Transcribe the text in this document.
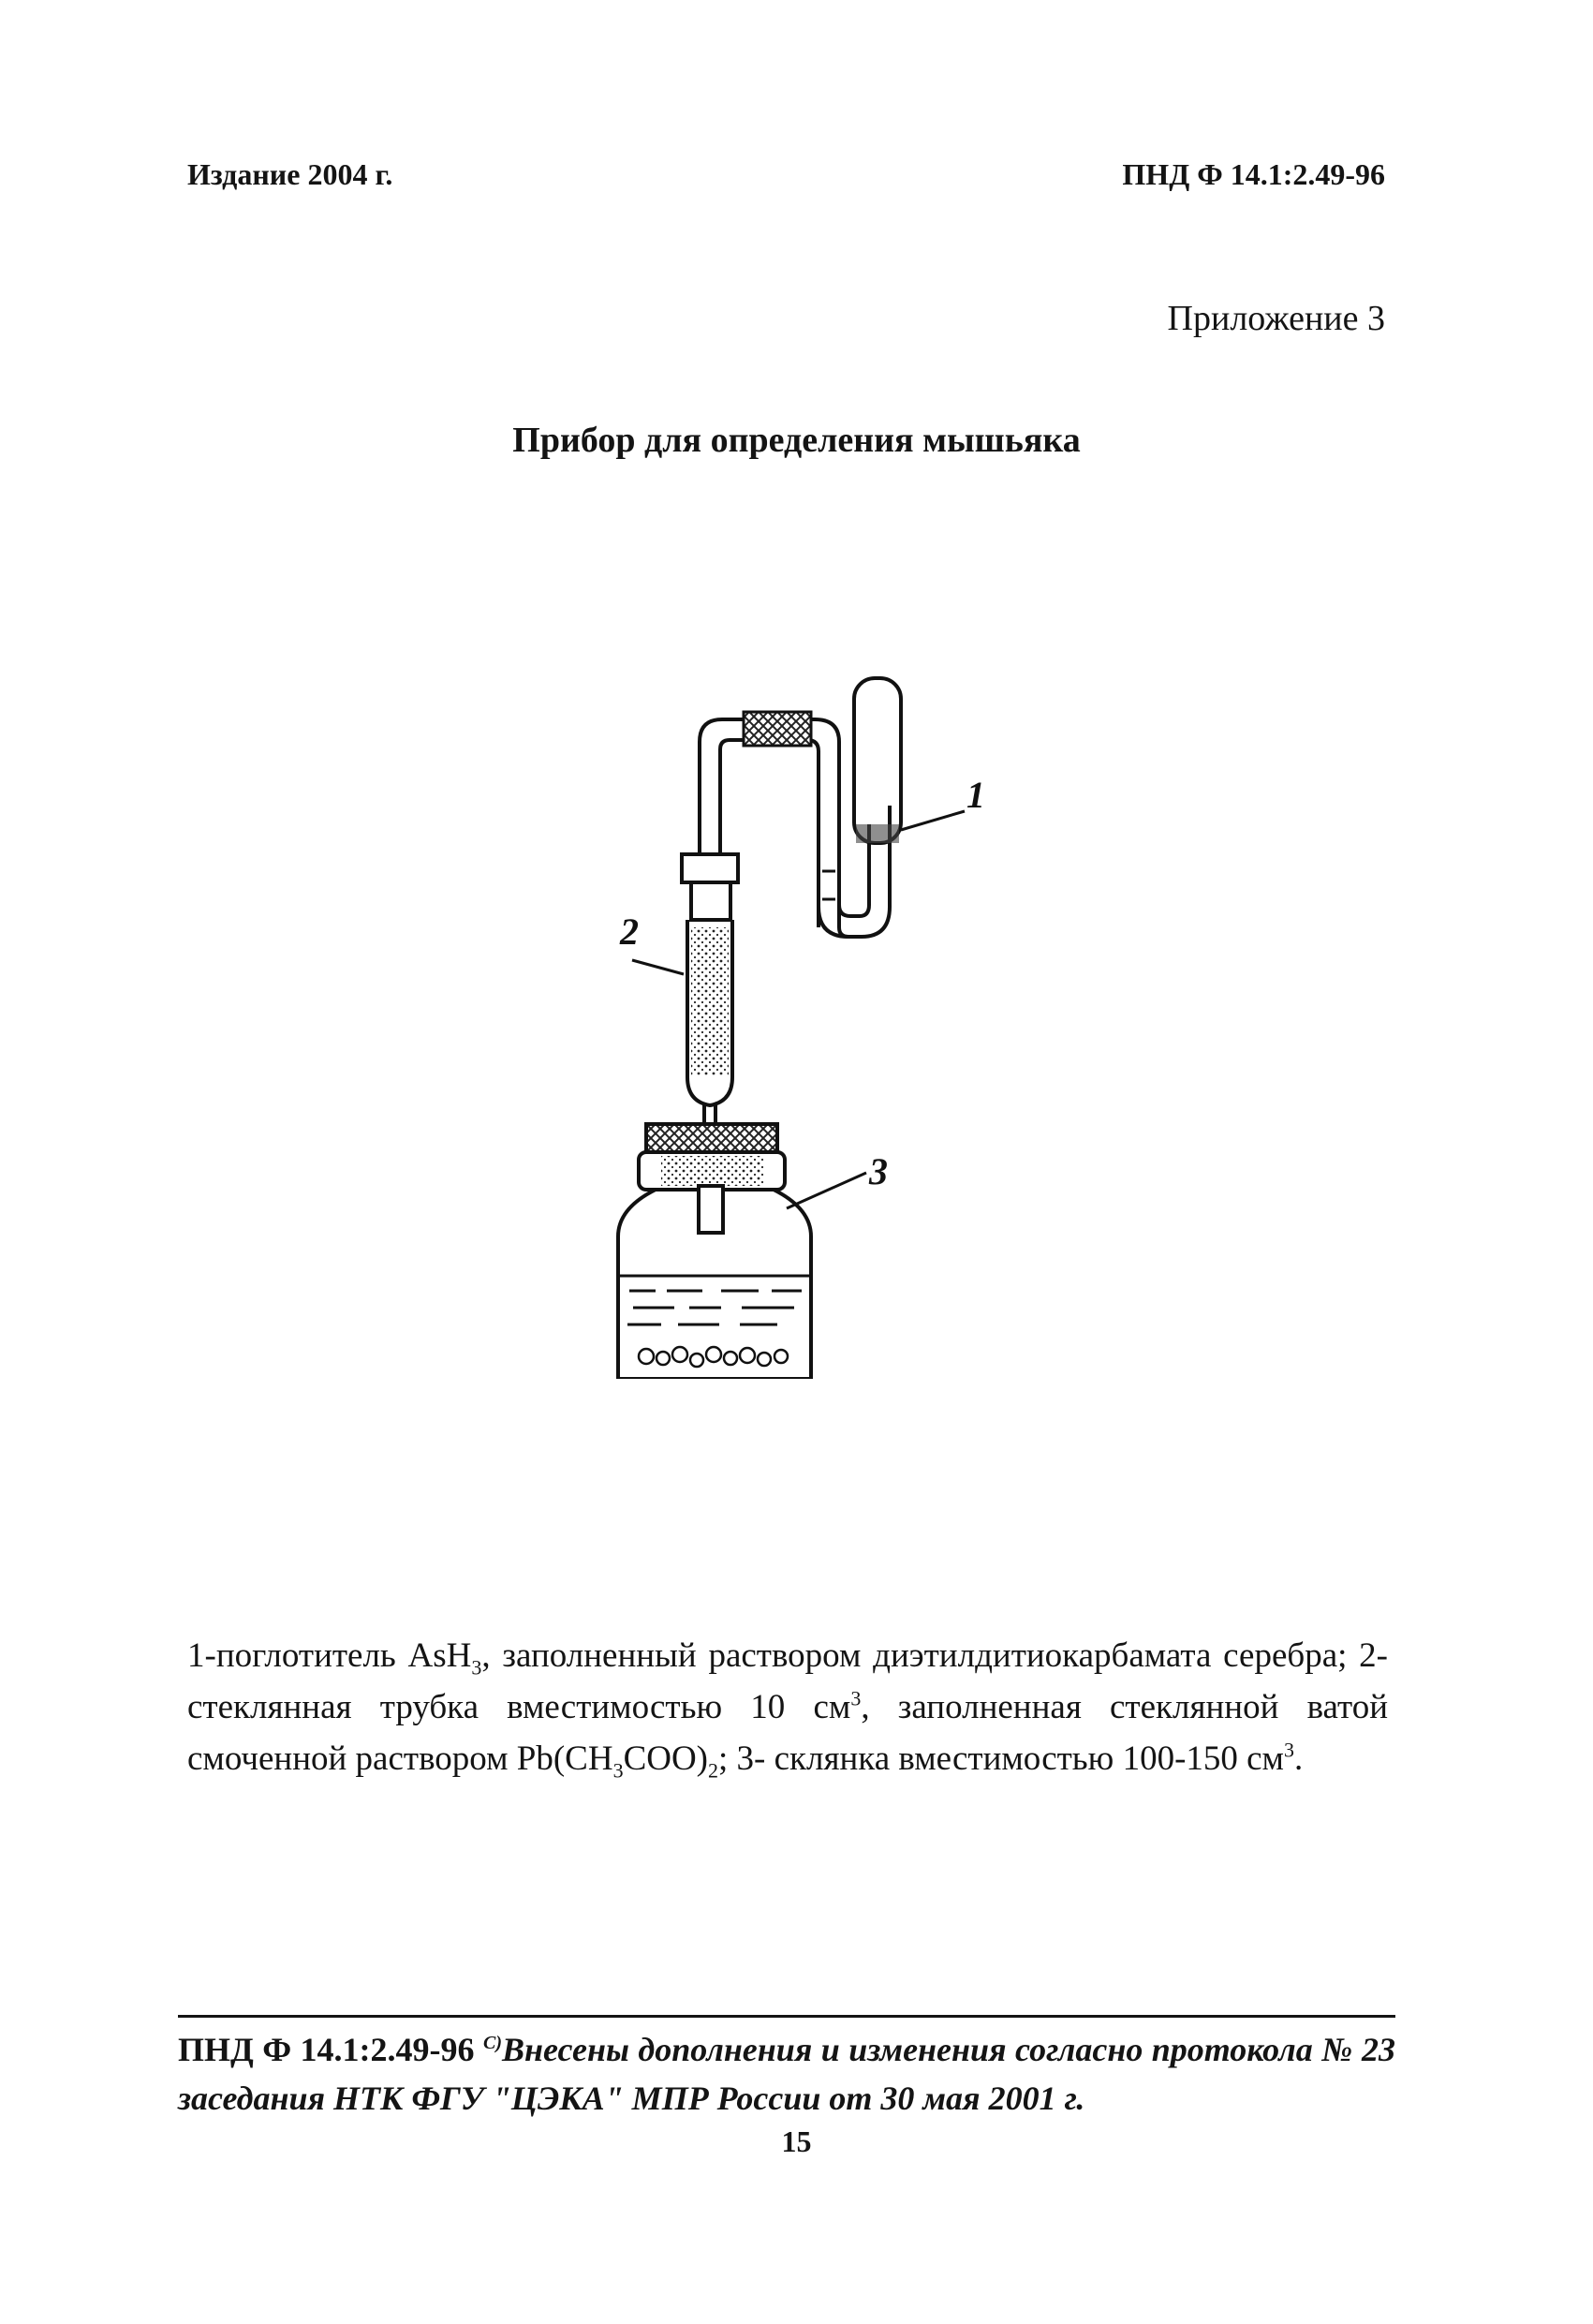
Издание 2004 г.	ПНД Ф 14.1:2.49-96
Приложение 3
Прибор для определения мышьяка
1
2
3
1-поглотитель AsH$_3$, заполненный раствором диэтилдитиокарбамата серебра; 2- стеклянная трубка вместимостью 10 $см^3$, заполненная стеклянной ватой смоченной раствором $Pb(CH_3COO)_2$; 3- склянка вместимостью 100-150 $см^3$.
ПНД Ф 14.1:2.49-96 $^{С)}$Внесены дополнения и изменения согласно протокола № 23 заседания НТК ФГУ "ЦЭКА" МПР России от 30 мая 2001 г.
15
